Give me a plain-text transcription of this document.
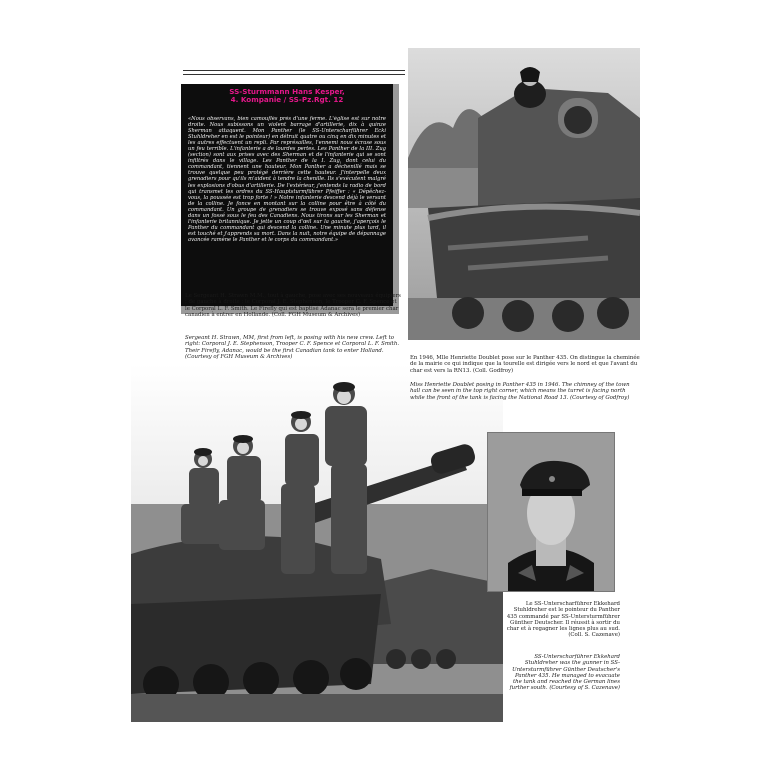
SS-Sturmmann Hans Kesper,
4. Kompanie / SS-Pz.Rgt. 12
«Nous observans, bien camouflés près d'une ferme. L'église est sur notre droite. Nous subissons un violent barrage d'artillerie, dix à quinze Sherman attaquent. Mon Panther (le SS-Unterscharführer Ecki Stuhldreher en est le pointeur) en détruit quatre ou cinq en dix minutes et les autres effectuent un repli. Par représailles, l'ennemi nous écrase sous un feu terrible. L'infanterie a de lourdes pertes. Les Panther de la III. Zug (section) sont aux prises avec des Sherman et de l'infanterie qui se sont infiltrés dans le village. Les Panther de la I. Zug, dont celui du commandant, tiennent une hauteur. Mon Panther a déchenillé mais se trouve quelque peu protégé derrière cette hauteur. J'interpelle deux grenadiers pour qu'ils m'aident à tendre la chenille. Ils s'exécutent malgré les explosions d'obus d'artillerie. De l'extérieur, j'entends la radio de bord qui transmet les ordres du SS-Hauptsturmführer Pfeiffer : « Dépêchez-vous, la poussée est trop forte ! » Notre infanterie descend déjà le versant de la colline. Je fonce en montant sur la colline pour être à côté du commandant. Un groupe de grenadiers se trouve exposé sans défense dans un fossé sous le feu des Canadiens. Nous tirons sur les Sherman et l'infanterie britannique. Je jette un coup d'œil sur la gauche, j'aperçois le Panther du commandant qui descend la colline. Une minute plus tard, il est touché et j'apprends sa mort. Dans la nuit, notre équipe de dépannage avancée ramène le Panther et le corps du commandant.»
Le Sergeant H. Strawn M.M., tout à gauche, pose avec ses nouveaux équipiers ; de gauche à droite : le Corporal J. E. Stephenson, le Trooper C. F. Spence et le Corporal L. F. Smith. Le Firefly qui est baptisé Adanac sera le premier char canadien à entrer en Hollande. (Coll. FGH Museum & Archives)
Sergeant H. Strawn, MM, first from left, is posing with his new crew. Left to right: Corporal J. E. Stephenson, Trooper C. F. Spence et Corporal L. F. Smith. Their Firefly, Adanac, would be the first Canadian tank to enter Holland. (Courtesy of FGH Museum & Archives)	En 1946, Mlle Henriette Doublet pose sur le Panther 435. On distingue la cheminée de la mairie ce qui indique que la tourelle est dirigée vers le nord et que l'avant du char est vers la RN13. (Coll. Godfroy)
Miss Henriette Doublet posing in Panther 435 in 1946. The chimney of the town hall can be seen in the top right corner, which means the turret is facing north while the front of the tank is facing the National Road 13. (Courtesy of Godfroy)
Le SS-Unterscharführer Ekkehard Stuhldreher est le pointeur du Panther 435 commandé par SS-Untersturmführer Günther Deutscher. Il réussit à sortir du char et à regagner les lignes plus au sud. (Coll. S. Cazenave)
SS-Unterscharführer Ekkehard Stuhldreher was the gunner in SS-Untersturmführer Günther Deutscher's Panther 435. He managed to evacuate the tank and reached the German lines further south. (Courtesy of S. Cazenave)
